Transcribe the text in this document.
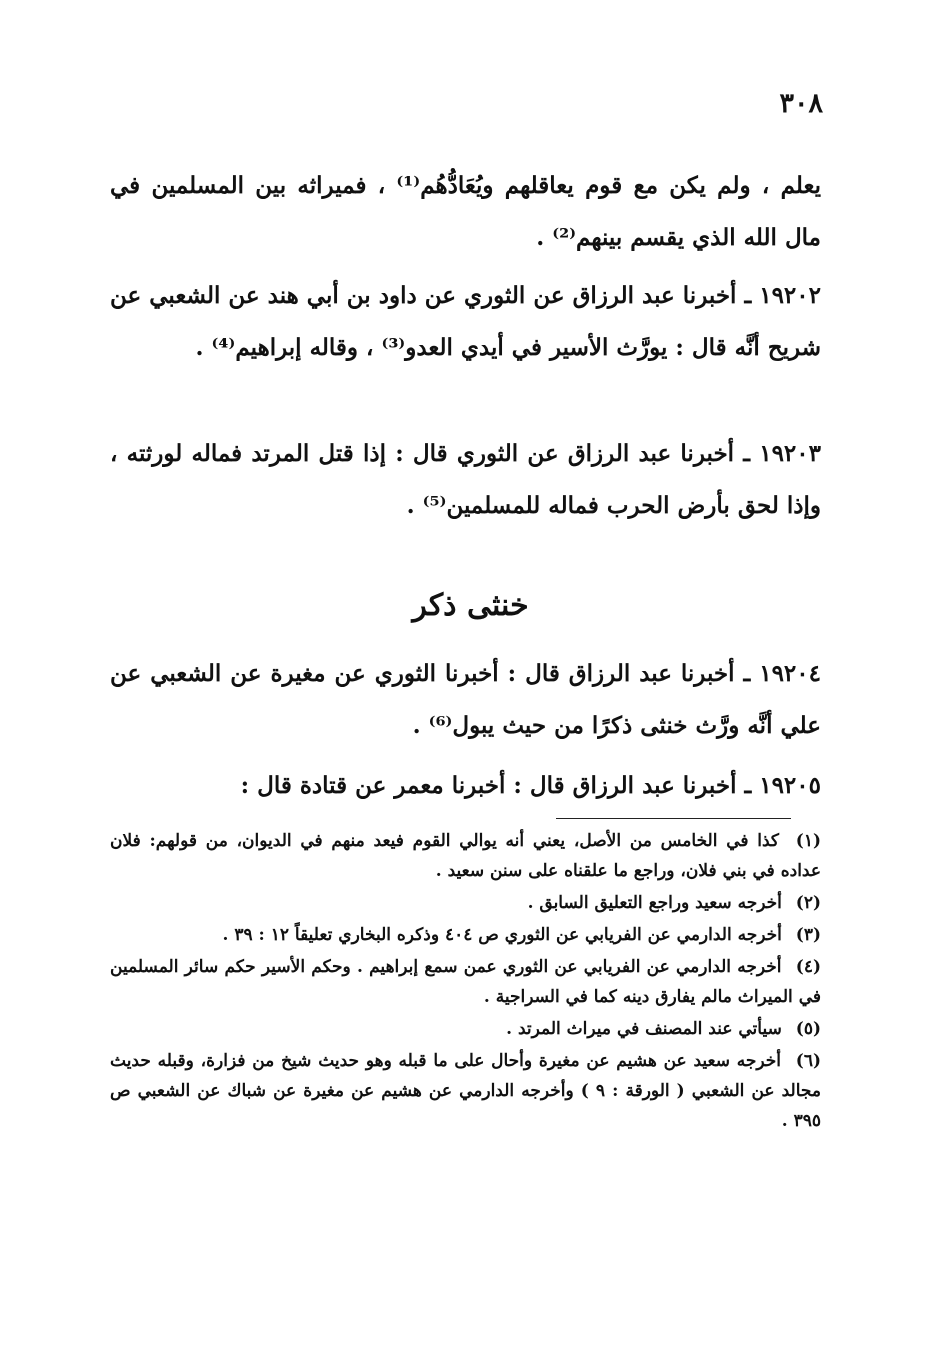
٣٠٨

يعلم ، ولم يكن مع قوم يعاقلهم ويُعَادُّهُم⁽¹⁾ ، فميراثه بين المسلمين في مال الله الذي يقسم بينهم⁽²⁾ .

١٩٢٠٢ ـ أخبرنا عبد الرزاق عن الثوري عن داود بن أبي هند عن الشعبي عن شريح أنَّه قال : يورَّث الأسير في أيدي العدو⁽³⁾ ، وقاله إبراهيم⁽⁴⁾ .

١٩٢٠٣ ـ أخبرنا عبد الرزاق عن الثوري قال : إذا قتل المرتد فماله لورثته ، وإذا لحق بأرض الحرب فماله للمسلمين⁽⁵⁾ .

خنثى ذكر

١٩٢٠٤ ـ أخبرنا عبد الرزاق قال : أخبرنا الثوري عن مغيرة عن الشعبي عن علي أنَّه ورَّث خنثى ذكرًا من حيث يبول⁽⁶⁾ .

١٩٢٠٥ ـ أخبرنا عبد الرزاق قال : أخبرنا معمر عن قتادة قال :

(١) كذا في الخامس من الأصل، يعني أنه يوالي القوم فيعد منهم في الديوان، من قولهم: فلان عداده في بني فلان، وراجع ما علقناه على سنن سعيد .

(٢) أخرجه سعيد وراجع التعليق السابق .

(٣) أخرجه الدارمي عن الفريابي عن الثوري ص ٤٠٤ وذكره البخاري تعليقاً ١٢ : ٣٩ .

(٤) أخرجه الدارمي عن الفريابي عن الثوري عمن سمع إبراهيم . وحكم الأسير حكم سائر المسلمين في الميراث مالم يفارق دينه كما في السراجية .

(٥) سيأتي عند المصنف في ميراث المرتد .

(٦) أخرجه سعيد عن هشيم عن مغيرة وأحال على ما قبله وهو حديث شيخ من فزارة، وقبله حديث مجالد عن الشعبي ( الورقة : ٩ ) وأخرجه الدارمي عن هشيم عن مغيرة عن شباك عن الشعبي ص ٣٩٥ .
